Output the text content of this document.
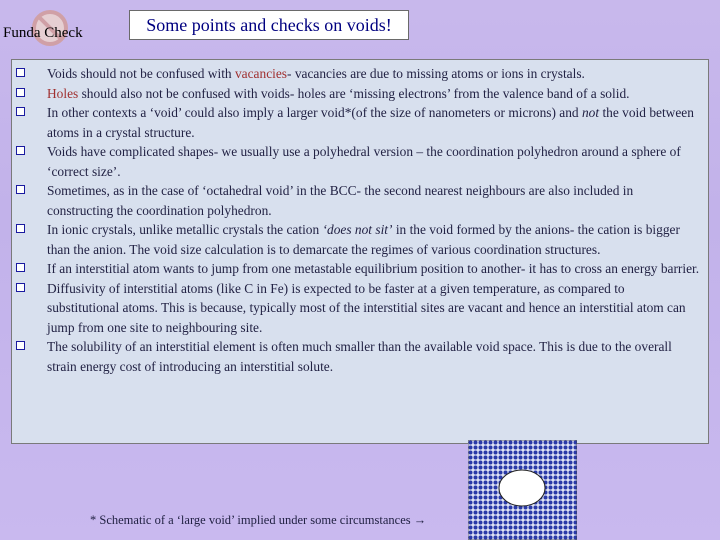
Funda Check	Some points and checks on voids!
Voids should not be confused with vacancies- vacancies are due to missing atoms or ions in crystals.
Holes should also not be confused with voids- holes are ‘missing electrons’ from the valence band of a solid.
In other contexts a ‘void’ could also imply a larger void*(of the size of nanometers or microns) and not the void between atoms in a crystal structure.
Voids have complicated shapes- we usually use a polyhedral version – the coordination polyhedron around a sphere of ‘correct size’.
Sometimes, as in the case of ‘octahedral void’ in the BCC- the second nearest neighbours are also included in constructing the coordination polyhedron.
In ionic crystals, unlike metallic crystals the cation ‘does not sit’ in the void formed by the anions- the cation is bigger than the anion. The void size calculation is to demarcate the regimes of various coordination structures.
If an interstitial atom wants to jump from one metastable equilibrium position to another- it has to cross an energy barrier.
Diffusivity of interstitial atoms (like C in Fe) is expected to be faster at a given temperature, as compared to substitutional atoms. This is because, typically most of the interstitial sites are vacant and hence an interstitial atom can jump from one site to neighbouring site.
The solubility of an interstitial element is often much smaller than the available void space. This is due to the overall strain energy cost of introducing an interstitial solute.
* Schematic of a ‘large void’ implied under some circumstances →
